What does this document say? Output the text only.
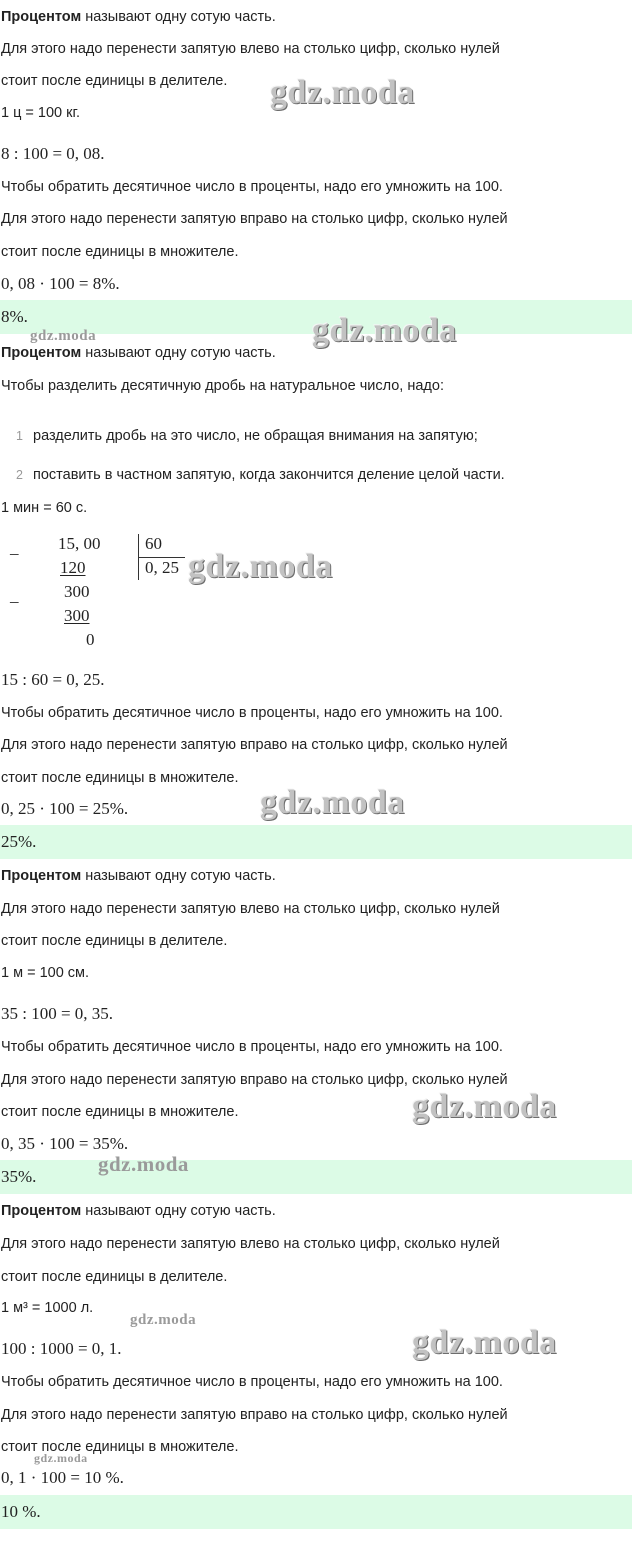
Процентом называют одну сотую часть.
Для этого надо перенести запятую влево на столько цифр, сколько нулей
стоит после единицы в делителе.
1 ц = 100 кг.
8 : 100 = 0, 08.
Чтобы обратить десятичное число в проценты, надо его умножить на 100.
Для этого надо перенести запятую вправо на столько цифр, сколько нулей
стоит после единицы в множителе.
0, 08 · 100 = 8%.
8%.
Процентом называют одну сотую часть.
Чтобы разделить десятичную дробь на натуральное число, надо:
1 разделить дробь на это число, не обращая внимания на запятую;
2 поставить в частном запятую, когда закончится деление целой части.
1 мин = 60 с.
_ 15, 00
120
_	300
300
0
60
0, 25
15 : 60 = 0, 25.
Чтобы обратить десятичное число в проценты, надо его умножить на 100.
Для этого надо перенести запятую вправо на столько цифр, сколько нулей
стоит после единицы в множителе.
0, 25 · 100 = 25%.
25%.
Процентом называют одну сотую часть.
Для этого надо перенести запятую влево на столько цифр, сколько нулей
стоит после единицы в делителе.
1 м = 100 см.
35 : 100 = 0, 35.
Чтобы обратить десятичное число в проценты, надо его умножить на 100.
Для этого надо перенести запятую вправо на столько цифр, сколько нулей
стоит после единицы в множителе.
0, 35 · 100 = 35%.
35%.
Процентом называют одну сотую часть.
Для этого надо перенести запятую влево на столько цифр, сколько нулей
стоит после единицы в делителе.
1 м³ = 1000 л.
100 : 1000 = 0, 1.
Чтобы обратить десятичное число в проценты, надо его умножить на 100.
Для этого надо перенести запятую вправо на столько цифр, сколько нулей
стоит после единицы в множителе.
0, 1 · 100 = 10 %.
10 %.
gdz.moda
gdz.moda	gdz.moda
gdz.moda
gdz.moda
gdz.moda
gdz.moda
gdz.moda
gdz.moda
gdz.moda
